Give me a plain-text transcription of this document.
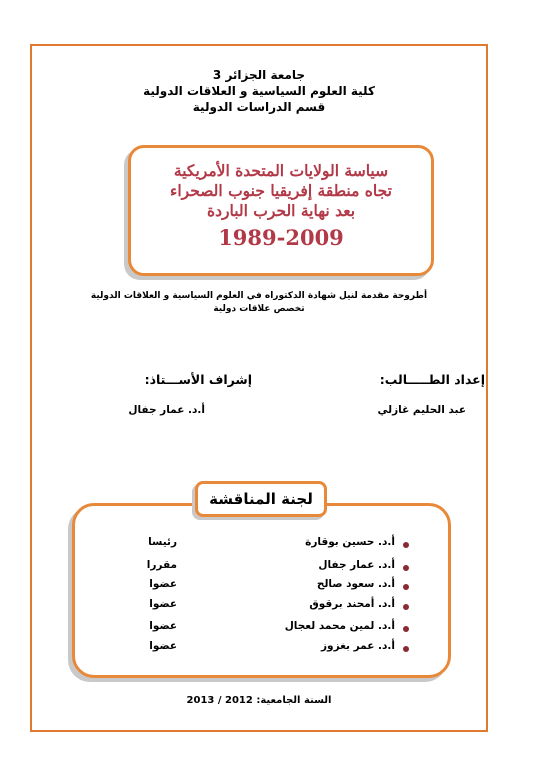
جامعة الجزائر 3
كلية العلوم السياسية و العلاقات الدولية
قسم الدراسات الدولية
سياسة الولايات المتحدة الأمريكية
تجاه منطقة إفريقيا جنوب الصحراء
بعد نهاية الحرب الباردة
1989-2009
أطروحة مقدمة لنيل شهادة الدكتوراه في العلوم السياسية و العلاقات الدولية
تخصص علاقات دولية
إعداد الطـــــالب:
إشراف الأســـتاذ:
عبد الحليم غازلي
أ.د. عمار جفال
لجنة المناقشة
أ.د. حسين بوقارة
رئيسا
أ.د. عمار جفال
مقررا
أ.د. سعود صالح
عضوا
أ.د. أمحند برقوق
عضوا
أ.د. لمين محمد لعجال
عضوا
أ.د. عمر بغزوز
عضوا
السنة الجامعية: 2012 / 2013
